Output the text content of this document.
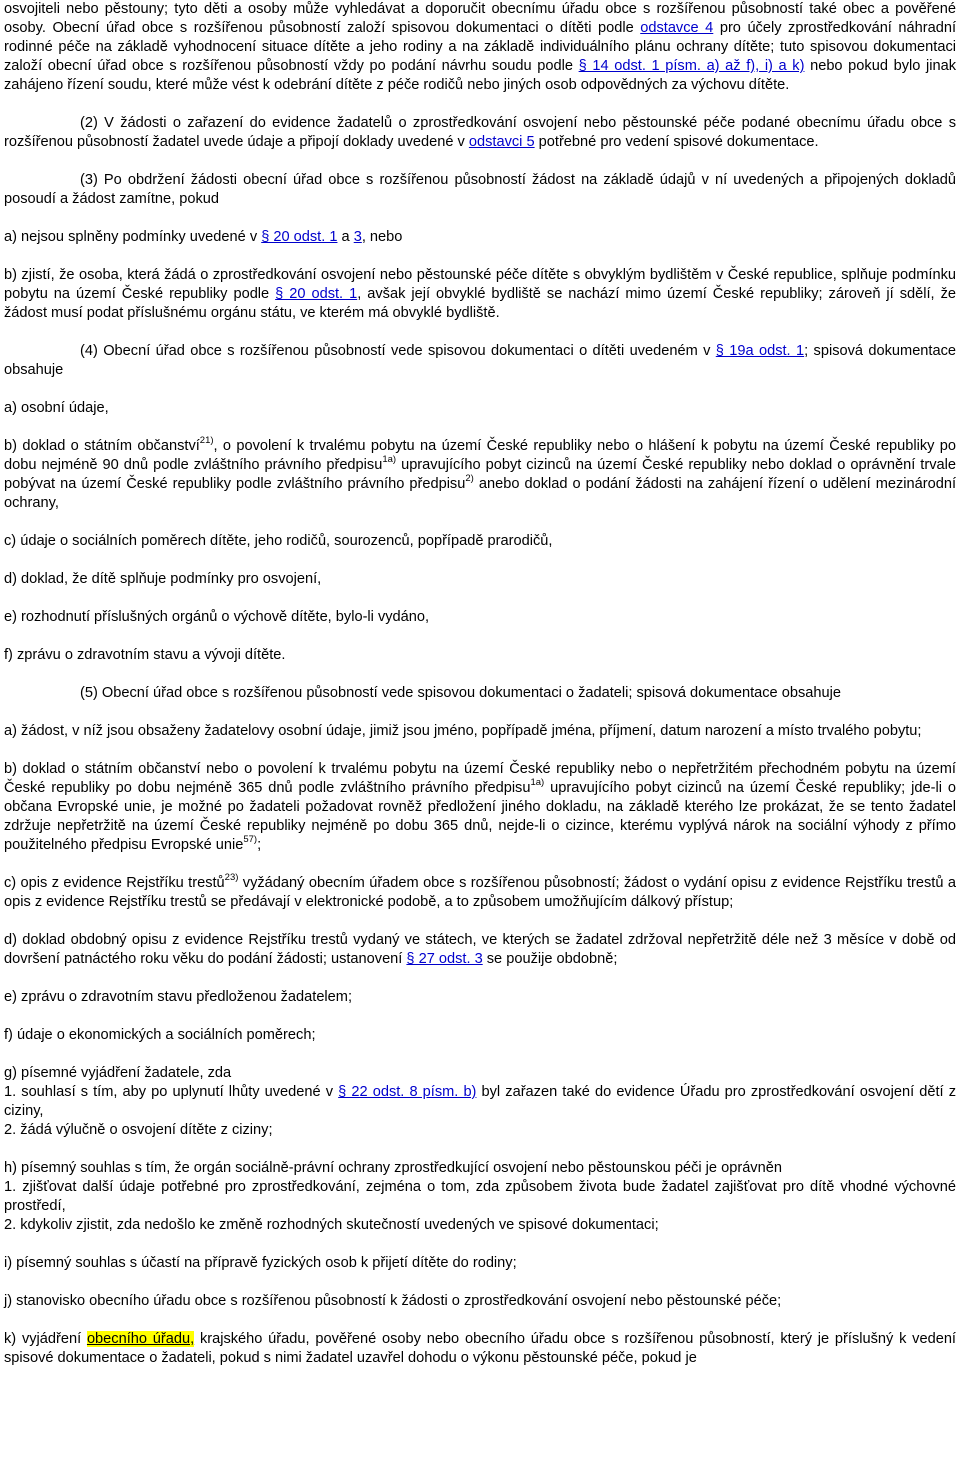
osvojiteli nebo pěstouny; tyto děti a osoby může vyhledávat a doporučit obecnímu úřadu obce s rozšířenou působností také obec a pověřené osoby. Obecní úřad obce s rozšířenou působností založí spisovou dokumentaci o dítěti podle odstavce 4 pro účely zprostředkování náhradní rodinné péče na základě vyhodnocení situace dítěte a jeho rodiny a na základě individuálního plánu ochrany dítěte; tuto spisovou dokumentaci založí obecní úřad obce s rozšířenou působností vždy po podání návrhu soudu podle § 14 odst. 1 písm. a) až f), i) a k) nebo pokud bylo jinak zahájeno řízení soudu, které může vést k odebrání dítěte z péče rodičů nebo jiných osob odpovědných za výchovu dítěte.

(2) V žádosti o zařazení do evidence žadatelů o zprostředkování osvojení nebo pěstounské péče podané obecnímu úřadu obce s rozšířenou působností žadatel uvede údaje a připojí doklady uvedené v odstavci 5 potřebné pro vedení spisové dokumentace.

(3) Po obdržení žádosti obecní úřad obce s rozšířenou působností žádost na základě údajů v ní uvedených a připojených dokladů posoudí a žádost zamítne, pokud

a) nejsou splněny podmínky uvedené v § 20 odst. 1 a 3, nebo

b) zjistí, že osoba, která žádá o zprostředkování osvojení nebo pěstounské péče dítěte s obvyklým bydlištěm v České republice, splňuje podmínku pobytu na území České republiky podle § 20 odst. 1, avšak její obvyklé bydliště se nachází mimo území České republiky; zároveň jí sdělí, že žádost musí podat příslušnému orgánu státu, ve kterém má obvyklé bydliště.

(4) Obecní úřad obce s rozšířenou působností vede spisovou dokumentaci o dítěti uvedeném v § 19a odst. 1; spisová dokumentace obsahuje

a) osobní údaje,

b) doklad o státním občanství$^{21)}$, o povolení k trvalému pobytu na území České republiky nebo o hlášení k pobytu na území České republiky po dobu nejméně 90 dnů podle zvláštního právního předpisu$^{1a)}$ upravujícího pobyt cizinců na území České republiky nebo doklad o oprávnění trvale pobývat na území České republiky podle zvláštního právního předpisu$^{2)}$ anebo doklad o podání žádosti na zahájení řízení o udělení mezinárodní ochrany,

c) údaje o sociálních poměrech dítěte, jeho rodičů, sourozenců, popřípadě prarodičů,

d) doklad, že dítě splňuje podmínky pro osvojení,

e) rozhodnutí příslušných orgánů o výchově dítěte, bylo-li vydáno,

f) zprávu o zdravotním stavu a vývoji dítěte.

(5) Obecní úřad obce s rozšířenou působností vede spisovou dokumentaci o žadateli; spisová dokumentace obsahuje

a) žádost, v níž jsou obsaženy žadatelovy osobní údaje, jimiž jsou jméno, popřípadě jména, příjmení, datum narození a místo trvalého pobytu;

b) doklad o státním občanství nebo o povolení k trvalému pobytu na území České republiky nebo o nepřetržitém přechodném pobytu na území České republiky po dobu nejméně 365 dnů podle zvláštního právního předpisu$^{1a)}$ upravujícího pobyt cizinců na území České republiky; jde-li o občana Evropské unie, je možné po žadateli požadovat rovněž předložení jiného dokladu, na základě kterého lze prokázat, že se tento žadatel zdržuje nepřetržitě na území České republiky nejméně po dobu 365 dnů, nejde-li o cizince, kterému vyplývá nárok na sociální výhody z přímo použitelného předpisu Evropské unie$^{57)}$;

c) opis z evidence Rejstříku trestů$^{23)}$ vyžádaný obecním úřadem obce s rozšířenou působností; žádost o vydání opisu z evidence Rejstříku trestů a opis z evidence Rejstříku trestů se předávají v elektronické podobě, a to způsobem umožňujícím dálkový přístup;

d) doklad obdobný opisu z evidence Rejstříku trestů vydaný ve státech, ve kterých se žadatel zdržoval nepřetržitě déle než 3 měsíce v době od dovršení patnáctého roku věku do podání žádosti; ustanovení § 27 odst. 3 se použije obdobně;

e) zprávu o zdravotním stavu předloženou žadatelem;

f) údaje o ekonomických a sociálních poměrech;

g) písemné vyjádření žadatele, zda

1. souhlasí s tím, aby po uplynutí lhůty uvedené v § 22 odst. 8 písm. b) byl zařazen také do evidence Úřadu pro zprostředkování osvojení dětí z ciziny,

2. žádá výlučně o osvojení dítěte z ciziny;

h) písemný souhlas s tím, že orgán sociálně-právní ochrany zprostředkující osvojení nebo pěstounskou péči je oprávněn

1. zjišťovat další údaje potřebné pro zprostředkování, zejména o tom, zda způsobem života bude žadatel zajišťovat pro dítě vhodné výchovné prostředí,

2. kdykoliv zjistit, zda nedošlo ke změně rozhodných skutečností uvedených ve spisové dokumentaci;

i) písemný souhlas s účastí na přípravě fyzických osob k přijetí dítěte do rodiny;

j) stanovisko obecního úřadu obce s rozšířenou působností k žádosti o zprostředkování osvojení nebo pěstounské péče;

k) vyjádření obecního úřadu, krajského úřadu, pověřené osoby nebo obecního úřadu obce s rozšířenou působností, který je příslušný k vedení spisové dokumentace o žadateli, pokud s nimi žadatel uzavřel dohodu o výkonu pěstounské péče, pokud je
